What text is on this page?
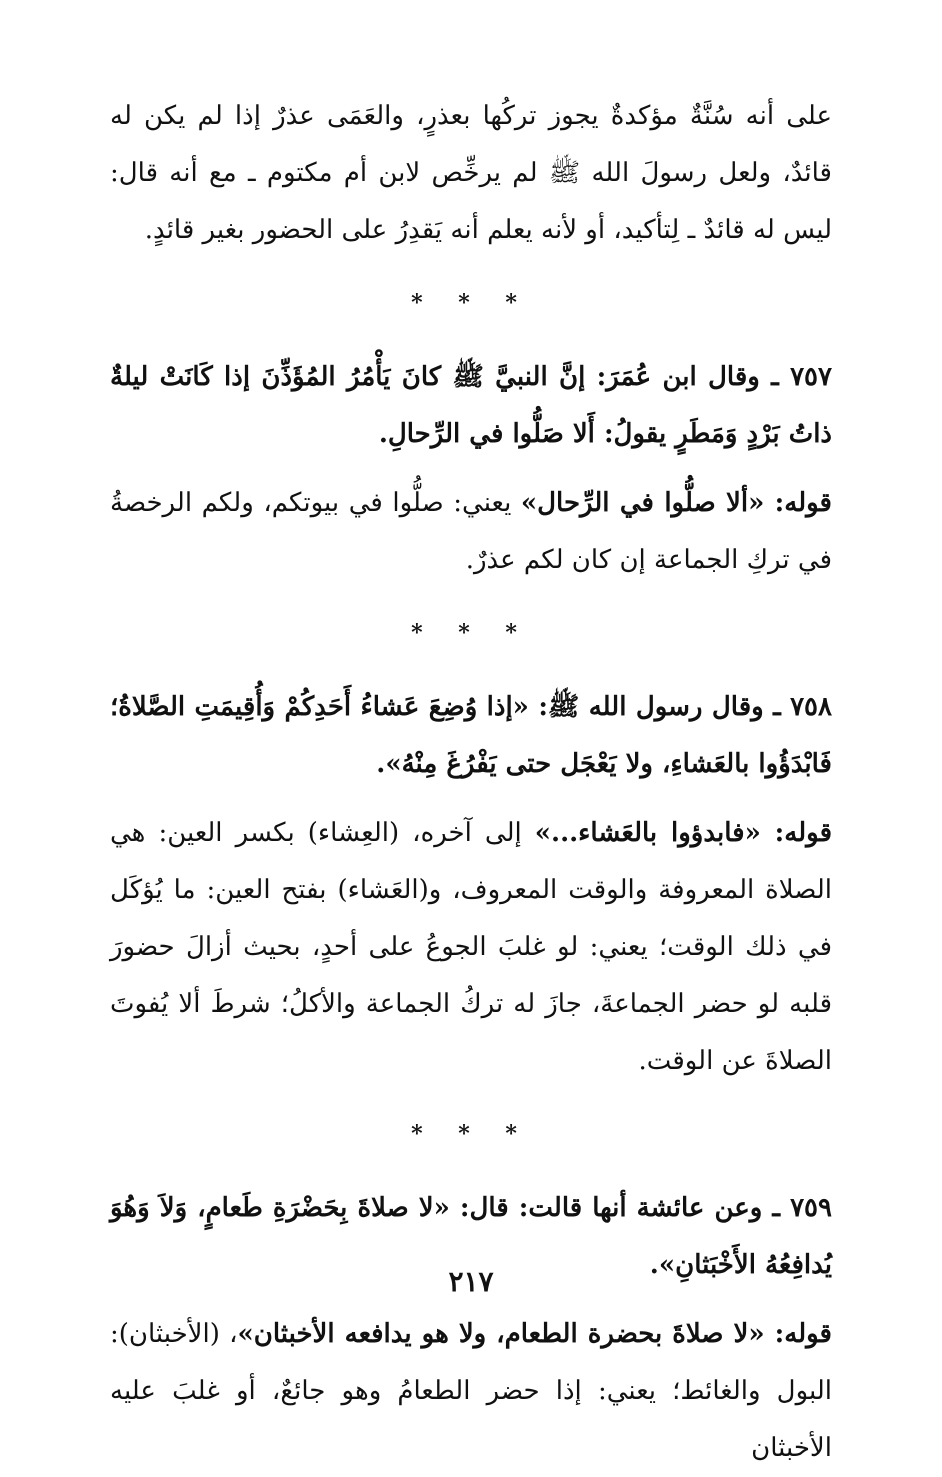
على أنه سُنَّةٌ مؤكدةٌ يجوز تركُها بعذرٍ، والعَمَى عذرٌ إذا لم يكن له قائدٌ، ولعل رسولَ الله ﷺ لم يرخِّص لابن أم مكتوم ـ مع أنه قال: ليس له قائدٌ ـ لِتأكيد، أو لأنه يعلم أنه يَقدِرُ على الحضور بغير قائدٍ.

* * *

٧٥٧ ـ وقال ابن عُمَرَ: إنَّ النبيَّ ﷺ كانَ يَأْمُرُ المُؤَذِّنَ إذا كَانَتْ ليلةٌ ذاتُ بَرْدٍ وَمَطَرٍ يقولُ: أَلا صَلُّوا في الرِّحالِ.

قوله: «ألا صلُّوا في الرِّحال» يعني: صلُّوا في بيوتكم، ولكم الرخصةُ في تركِ الجماعة إن كان لكم عذرٌ.

* * *

٧٥٨ ـ وقال رسول الله ﷺ: «إذا وُضِعَ عَشاءُ أَحَدِكُمْ وَأُقِيمَتِ الصَّلاةُ؛ فَابْدَؤُوا بالعَشاءِ، ولا يَعْجَل حتى يَفْرُغَ مِنْهُ».

قوله: «فابدؤوا بالعَشاء...» إلى آخره، (العِشاء) بكسر العين: هي الصلاة المعروفة والوقت المعروف، و(العَشاء) بفتح العين: ما يُؤكَل في ذلك الوقت؛ يعني: لو غلبَ الجوعُ على أحدٍ، بحيث أزالَ حضورَ قلبه لو حضر الجماعةَ، جازَ له تركُ الجماعة والأكلُ؛ شرطَ ألا يُفوتَ الصلاةَ عن الوقت.

* * *

٧٥٩ ـ وعن عائشة أنها قالت: قال: «لا صلاةَ بِحَضْرَةِ طَعامٍ، وَلاَ وَهُوَ يُدافِعُهُ الأَخْبَثانِ».

قوله: «لا صلاةَ بحضرة الطعام، ولا هو يدافعه الأخبثان»، (الأخبثان): البول والغائط؛ يعني: إذا حضر الطعامُ وهو جائعٌ، أو غلبَ عليه الأخبثان

٢١٧
